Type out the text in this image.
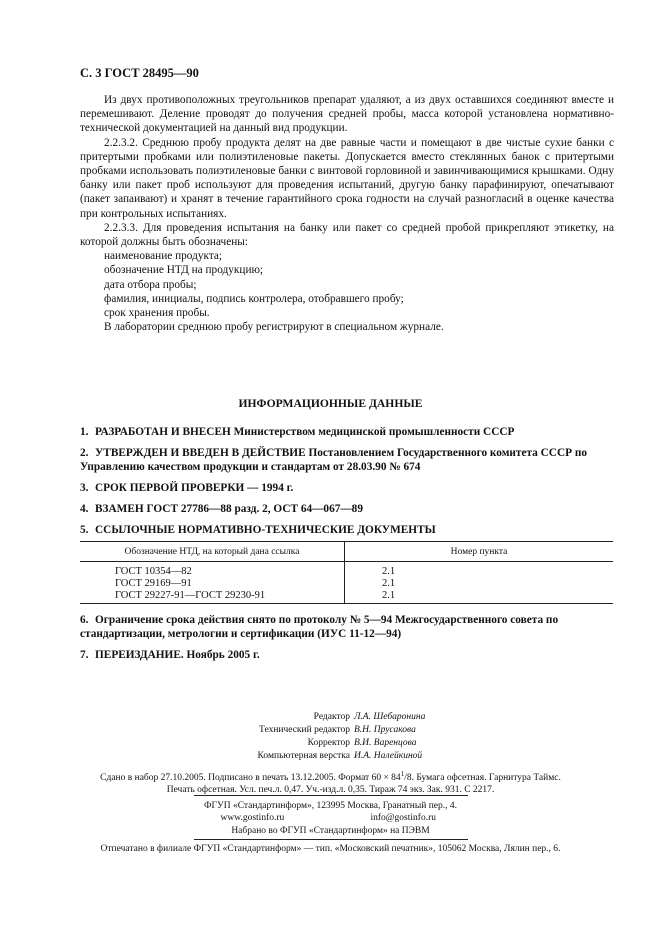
С. 3 ГОСТ 28495—90

Из двух противоположных треугольников препарат удаляют, а из двух оставшихся соединяют вместе и перемешивают. Деление проводят до получения средней пробы, масса которой установлена нормативно-технической документацией на данный вид продукции.

2.2.3.2. Среднюю пробу продукта делят на две равные части и помещают в две чистые сухие банки с притертыми пробками или полиэтиленовые пакеты. Допускается вместо стеклянных банок с притертыми пробками использовать полиэтиленовые банки с винтовой горловиной и завинчивающимися крышками. Одну банку или пакет проб используют для проведения испытаний, другую банку парафинируют, опечатывают (пакет запаивают) и хранят в течение гарантийного срока годности на случай разногласий в оценке качества при контрольных испытаниях.

2.2.3.3. Для проведения испытания на банку или пакет со средней пробой прикрепляют этикетку, на которой должны быть обозначены:

наименование продукта;

обозначение НТД на продукцию;

дата отбора пробы;

фамилия, инициалы, подпись контролера, отобравшего пробу;

срок хранения пробы.

В лаборатории среднюю пробу регистрируют в специальном журнале.

ИНФОРМАЦИОННЫЕ ДАННЫЕ
1. РАЗРАБОТАН И ВНЕСЕН Министерством медицинской промышленности СССР
2. УТВЕРЖДЕН И ВВЕДЕН В ДЕЙСТВИЕ Постановлением Государственного комитета СССР по Управлению качеством продукции и стандартам от 28.03.90 № 674
3. СРОК ПЕРВОЙ ПРОВЕРКИ — 1994 г.
4. ВЗАМЕН ГОСТ 27786—88 разд. 2, ОСТ 64—067—89
5. ССЫЛОЧНЫЕ НОРМАТИВНО-ТЕХНИЧЕСКИЕ ДОКУМЕНТЫ
Обозначение НТД, на который дана ссылка	Номер пункта
ГОСТ 10354—82	2.1
ГОСТ 29169—91	2.1
ГОСТ 29227-91—ГОСТ 29230-91	2.1
6. Ограничение срока действия снято по протоколу № 5—94 Межгосударственного совета по стандартизации, метрологии и сертификации (ИУС 11-12—94)
7. ПЕРЕИЗДАНИЕ. Ноябрь 2005 г.
Редактор Л.А. Шебаронина
Технический редактор В.Н. Прусакова
Корректор В.И. Варенцова
Компьютерная верстка И.А. Налейкиной
Сдано в набор 27.10.2005. Подписано в печать 13.12.2005. Формат $60 \times 84^1/8$. Бумага офсетная. Гарнитура Таймс.
Печать офсетная. Усл. печ.л. 0,47. Уч.-изд.л. 0,35. Тираж 74 экз. Зак. 931. С 2217.
ФГУП «Стандартинформ», 123995 Москва, Гранатный пер., 4.
www.gostinfo.ru	info@gostinfo.ru
Набрано во ФГУП «Стандартинформ» на ПЭВМ
Отпечатано в филиале ФГУП «Стандартинформ» — тип. «Московский печатник», 105062 Москва, Лялин пер., 6.
